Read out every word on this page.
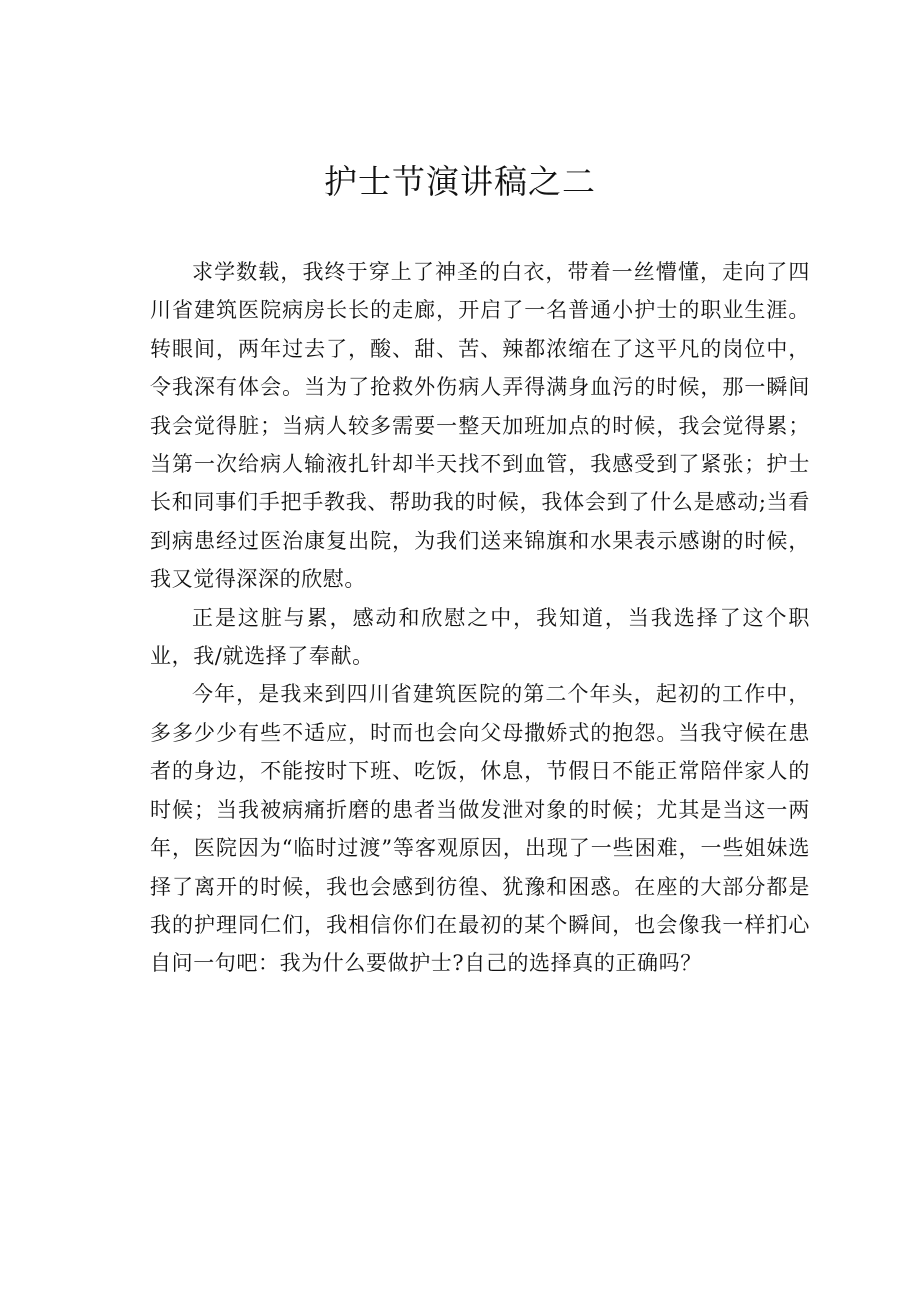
护士节演讲稿之二

求学数载，我终于穿上了神圣的白衣，带着一丝懵懂，走向了四川省建筑医院病房长长的走廊，开启了一名普通小护士的职业生涯。转眼间，两年过去了，酸、甜、苦、辣都浓缩在了这平凡的岗位中，令我深有体会。当为了抢救外伤病人弄得满身血污的时候，那一瞬间我会觉得脏；当病人较多需要一整天加班加点的时候，我会觉得累；当第一次给病人输液扎针却半天找不到血管，我感受到了紧张；护士长和同事们手把手教我、帮助我的时候，我体会到了什么是感动;当看到病患经过医治康复出院，为我们送来锦旗和水果表示感谢的时候，我又觉得深深的欣慰。

正是这脏与累，感动和欣慰之中，我知道，当我选择了这个职业，我/就选择了奉献。

今年，是我来到四川省建筑医院的第二个年头，起初的工作中，多多少少有些不适应，时而也会向父母撒娇式的抱怨。当我守候在患者的身边，不能按时下班、吃饭，休息，节假日不能正常陪伴家人的时候；当我被病痛折磨的患者当做发泄对象的时候；尤其是当这一两年，医院因为“临时过渡”等客观原因，出现了一些困难，一些姐妹选择了离开的时候，我也会感到彷徨、犹豫和困惑。在座的大部分都是我的护理同仁们，我相信你们在最初的某个瞬间，也会像我一样扪心自问一句吧：我为什么要做护士?自己的选择真的正确吗？
